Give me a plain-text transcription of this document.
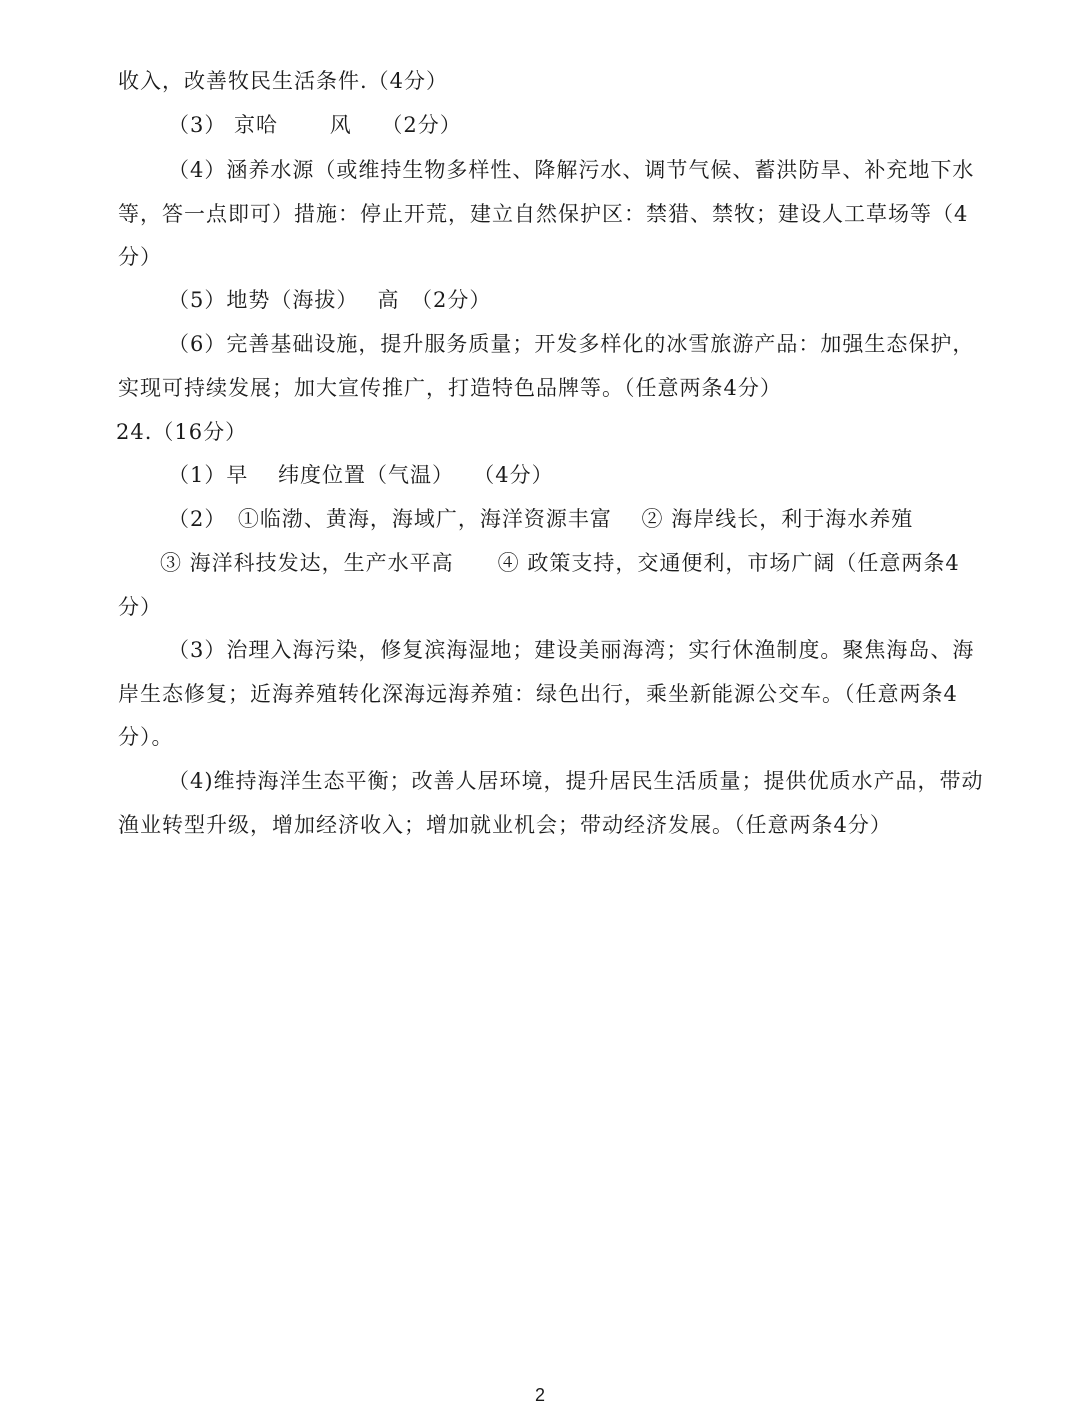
收入，改善牧民生活条件.（4分）
（3） 京哈　　 风　 （2分）
（4）涵养水源（或维持生物多样性、降解污水、调节气候、蓄洪防旱、补充地下水
等，答一点即可）措施：停止开荒，建立自然保护区：禁猎、禁牧；建设人工草场等（4
分）
（5）地势（海拔）　 高　（2分）
（6）完善基础设施，提升服务质量；开发多样化的冰雪旅游产品：加强生态保护，
实现可持续发展；加大宣传推广，打造特色品牌等。（任意两条4分）
24.（16分）
（1）早　 纬度位置（气温）　 （4分）
（2）　①临渤、黄海，海域广，海洋资源丰富　 ② 海岸线长，利于海水养殖
③ 海洋科技发达，生产水平高　　④ 政策支持，交通便利，市场广阔（任意两条4
分）
（3）治理入海污染，修复滨海湿地；建设美丽海湾；实行休渔制度。聚焦海岛、海
岸生态修复；近海养殖转化深海远海养殖：绿色出行，乘坐新能源公交车。（任意两条4
分）。
（4)维持海洋生态平衡；改善人居环境，提升居民生活质量；提供优质水产品，带动
渔业转型升级，增加经济收入；增加就业机会；带动经济发展。（任意两条4分）
2
